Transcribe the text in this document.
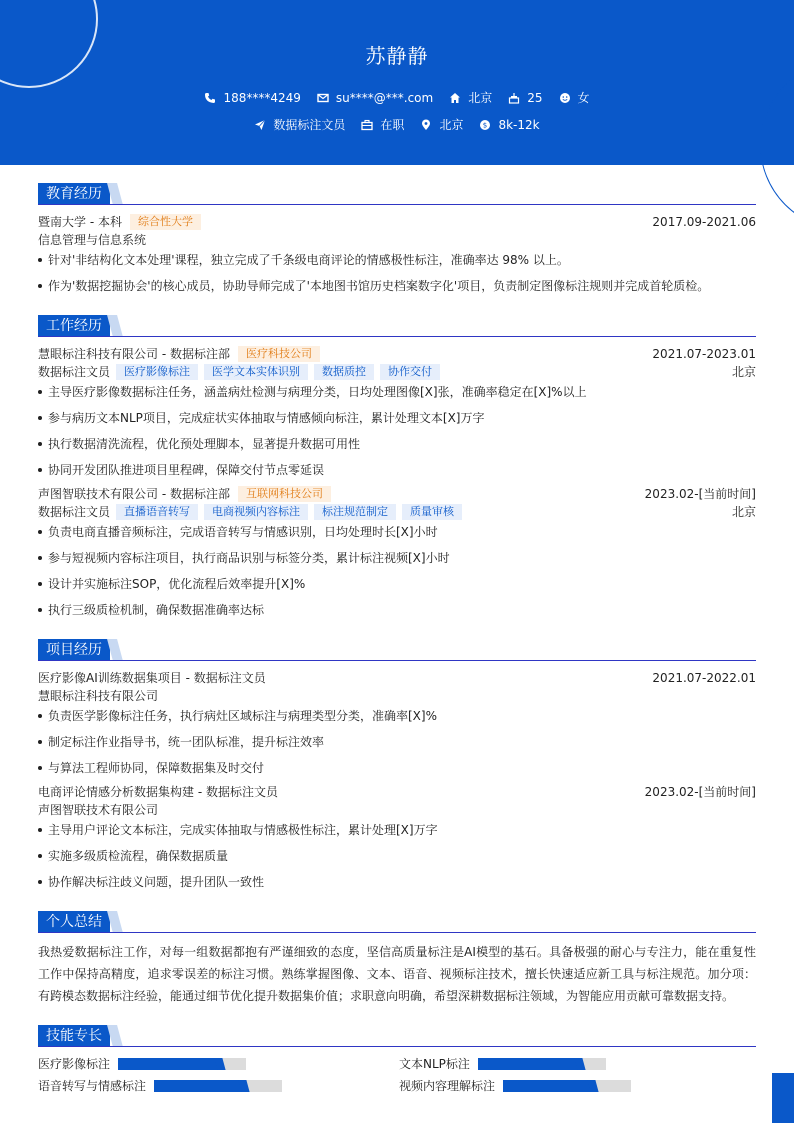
苏静静
188****4249	su****@***.com	北京	25	女
数据标注文员	在职	北京	$ 8k-12k
教育经历
暨南大学 - 本科	综合性大学	2017.09-2021.06
信息管理与信息系统
针对'非结构化文本处理'课程，独立完成了千条级电商评论的情感极性标注，准确率达 98% 以上。
作为'数据挖掘协会'的核心成员，协助导师完成了'本地图书馆历史档案数字化'项目，负责制定图像标注规则并完成首轮质检。
工作经历
慧眼标注科技有限公司 - 数据标注部	医疗科技公司	2021.07-2023.01
数据标注文员	医疗影像标注	医学文本实体识别	数据质控	协作交付	北京
主导医疗影像数据标注任务，涵盖病灶检测与病理分类，日均处理图像[X]张，准确率稳定在[X]%以上
参与病历文本NLP项目，完成症状实体抽取与情感倾向标注，累计处理文本[X]万字
执行数据清洗流程，优化预处理脚本，显著提升数据可用性
协同开发团队推进项目里程碑，保障交付节点零延误
声图智联技术有限公司 - 数据标注部	互联网科技公司	2023.02-[当前时间]
数据标注文员	直播语音转写	电商视频内容标注	标注规范制定	质量审核	北京
负责电商直播音频标注，完成语音转写与情感识别，日均处理时长[X]小时
参与短视频内容标注项目，执行商品识别与标签分类，累计标注视频[X]小时
设计并实施标注SOP，优化流程后效率提升[X]%
执行三级质检机制，确保数据准确率达标
项目经历
医疗影像AI训练数据集项目 - 数据标注文员	2021.07-2022.01
慧眼标注科技有限公司
负责医学影像标注任务，执行病灶区域标注与病理类型分类，准确率[X]%
制定标注作业指导书，统一团队标准，提升标注效率
与算法工程师协同，保障数据集及时交付
电商评论情感分析数据集构建 - 数据标注文员	2023.02-[当前时间]
声图智联技术有限公司
主导用户评论文本标注，完成实体抽取与情感极性标注，累计处理[X]万字
实施多级质检流程，确保数据质量
协作解决标注歧义问题，提升团队一致性
个人总结
我热爱数据标注工作，对每一组数据都抱有严谨细致的态度，坚信高质量标注是AI模型的基石。具备极强的耐心与专注力，能在重复性工作中保持高精度，追求零误差的标注习惯。熟练掌握图像、文本、语音、视频标注技术，擅长快速适应新工具与标注规范。加分项：有跨模态数据标注经验，能通过细节优化提升数据集价值；求职意向明确，希望深耕数据标注领域，为智能应用贡献可靠数据支持。
技能专长
医疗影像标注	文本NLP标注
语音转写与情感标注	视频内容理解标注
